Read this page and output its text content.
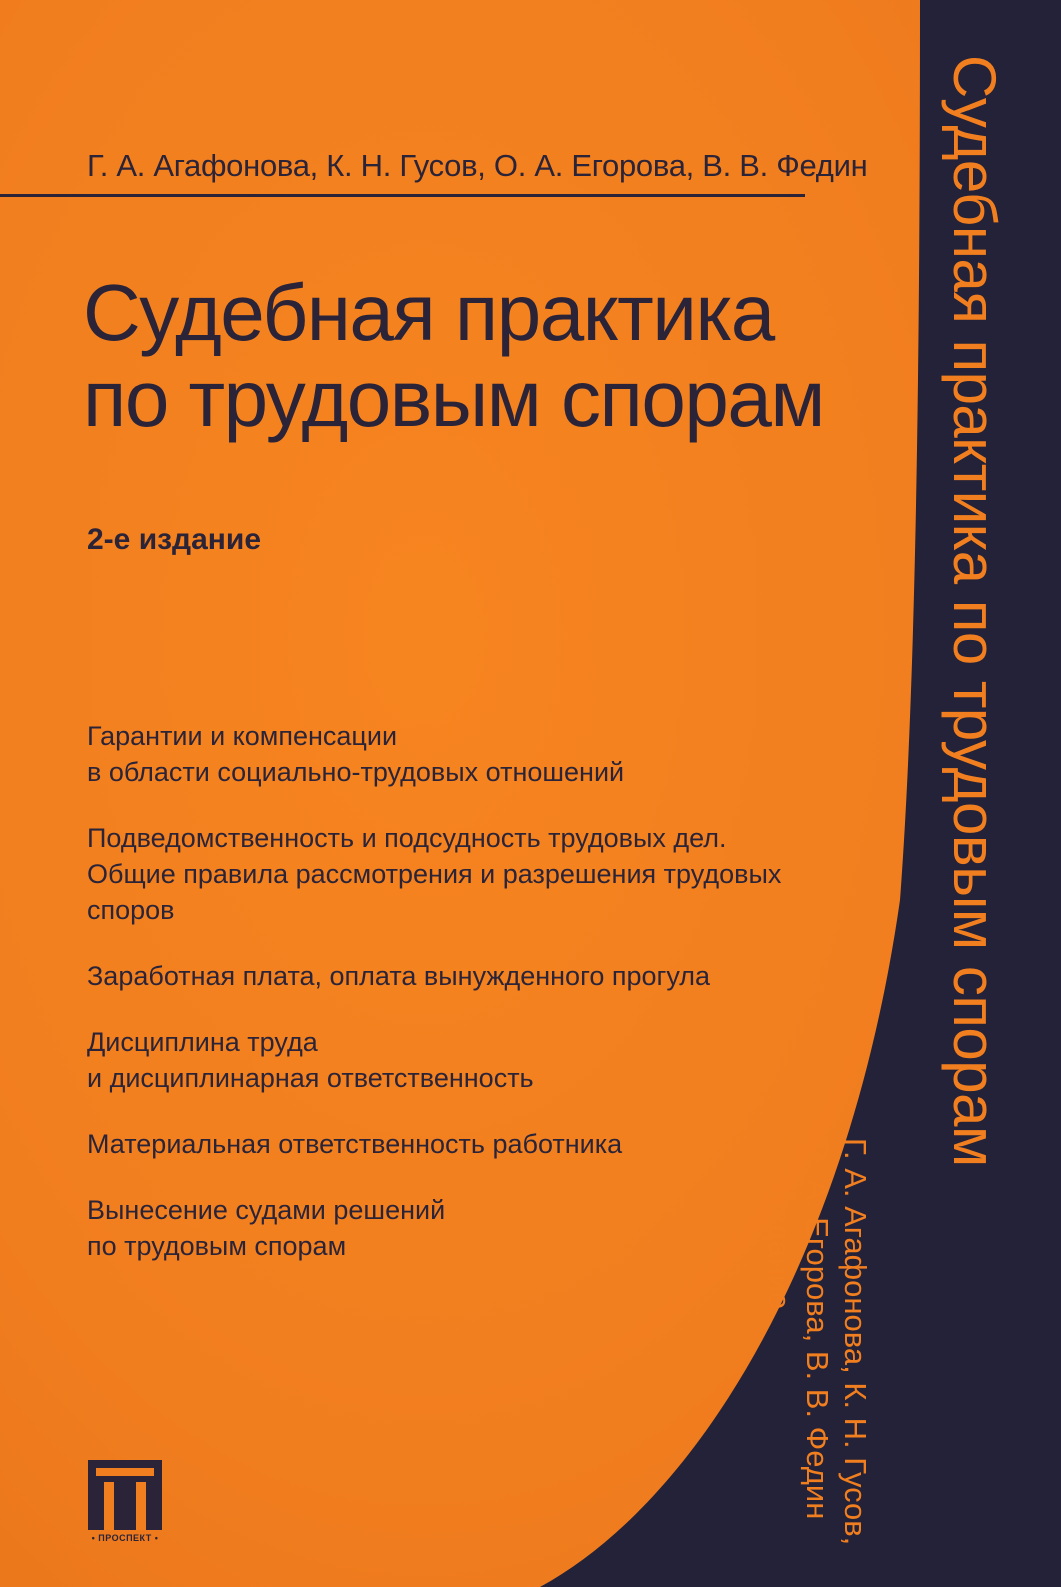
Г. А. Агафонова, К. Н. Гусов, О. А. Егорова, В. В. Федин
Судебная практика
по трудовым спорам
2-е издание
Гарантии и компенсации
в области социально-трудовых отношений
Подведомственность и подсудность трудовых дел.
Общие правила рассмотрения и разрешения трудовых
споров
Заработная плата, оплата вынужденного прогула
Дисциплина труда
и дисциплинарная ответственность
Материальная ответственность работника
Вынесение судами решений
по трудовым спорам
Судебная практика по трудовым спорам
Г. А. Агафонова, К. Н. Гусов,
О. А. Егорова, В. В. Федин
2-е издание
• ПРОСПЕКТ •
